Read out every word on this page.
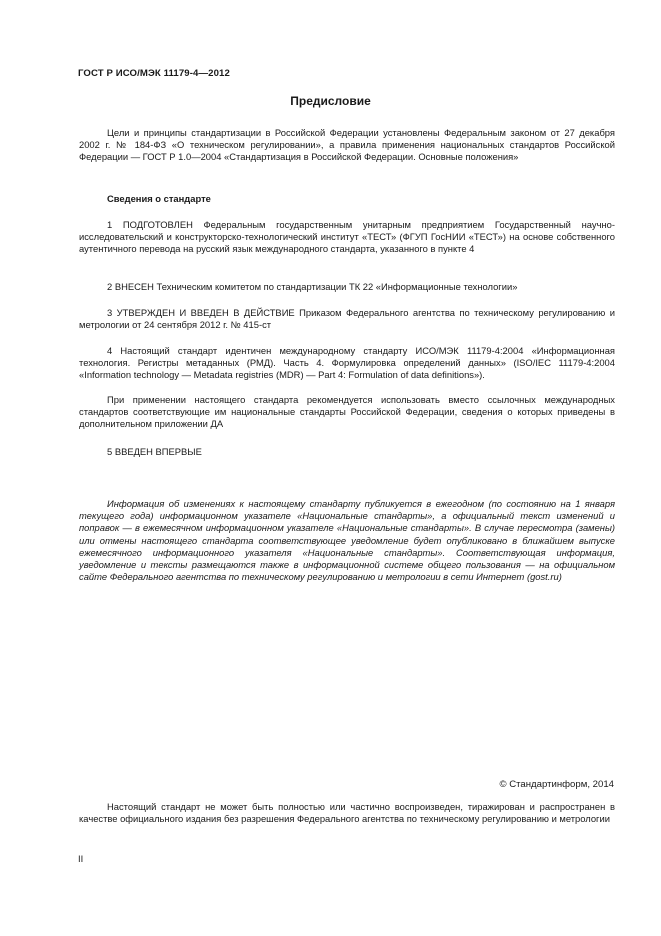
ГОСТ Р ИСО/МЭК 11179-4—2012
Предисловие
Цели и принципы стандартизации в Российской Федерации установлены Федеральным законом от 27 декабря 2002 г. № 184-ФЗ «О техническом регулировании», а правила применения национальных стандартов Российской Федерации — ГОСТ Р 1.0—2004 «Стандартизация в Российской Федерации. Основные положения»
Сведения о стандарте
1 ПОДГОТОВЛЕН Федеральным государственным унитарным предприятием Государственный научно-исследовательский и конструкторско-технологический институт «ТЕСТ» (ФГУП ГосНИИ «ТЕСТ») на основе собственного аутентичного перевода на русский язык международного стандарта, указанного в пункте 4
2 ВНЕСЕН Техническим комитетом по стандартизации ТК 22 «Информационные технологии»
3 УТВЕРЖДЕН И ВВЕДЕН В ДЕЙСТВИЕ Приказом Федерального агентства по техническому регулированию и метрологии от 24 сентября 2012 г. № 415-ст
4 Настоящий стандарт идентичен международному стандарту ИСО/МЭК 11179-4:2004 «Информационная технология. Регистры метаданных (РМД). Часть 4. Формулировка определений данных» (ISO/IEC 11179-4:2004 «Information technology — Metadata registries (MDR) — Part 4: Formulation of data definitions»).
При применении настоящего стандарта рекомендуется использовать вместо ссылочных международных стандартов соответствующие им национальные стандарты Российской Федерации, сведения о которых приведены в дополнительном приложении ДА
5 ВВЕДЕН ВПЕРВЫЕ
Информация об изменениях к настоящему стандарту публикуется в ежегодном (по состоянию на 1 января текущего года) информационном указателе «Национальные стандарты», а официальный текст изменений и поправок — в ежемесячном информационном указателе «Национальные стандарты». В случае пересмотра (замены) или отмены настоящего стандарта соответствующее уведомление будет опубликовано в ближайшем выпуске ежемесячного информационного указателя «Национальные стандарты». Соответствующая информация, уведомление и тексты размещаются также в информационной системе общего пользования — на официальном сайте Федерального агентства по техническому регулированию и метрологии в сети Интернет (gost.ru)
© Стандартинформ, 2014
Настоящий стандарт не может быть полностью или частично воспроизведен, тиражирован и распространен в качестве официального издания без разрешения Федерального агентства по техническому регулированию и метрологии
II
